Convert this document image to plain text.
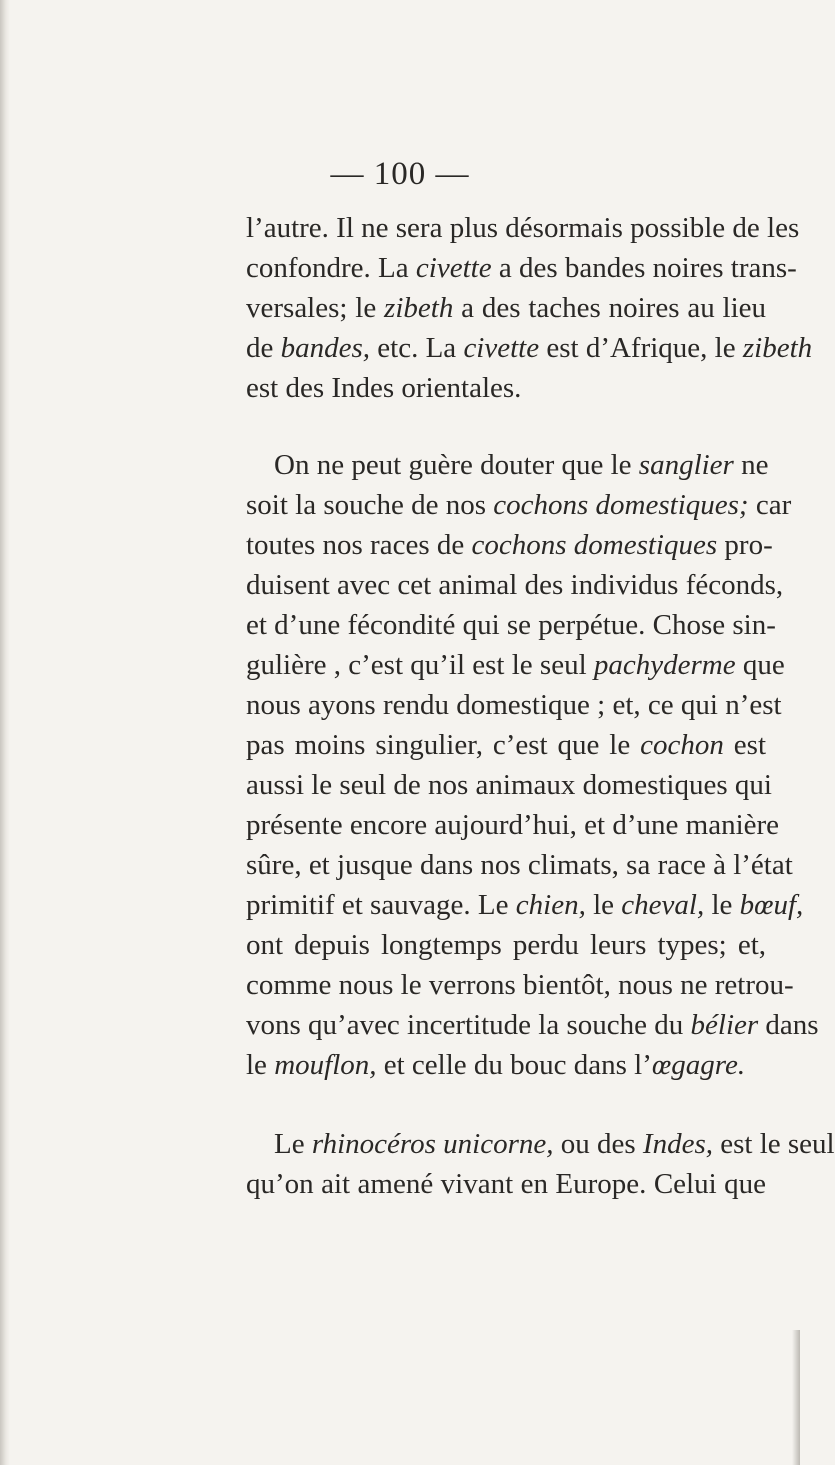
— 100 —

l’autre. Il ne sera plus désormais possible de les
confondre. La civette a des bandes noires trans-
versales; le zibeth a des taches noires au lieu
de bandes, etc. La civette est d’Afrique, le zibeth
est des Indes orientales.

On ne peut guère douter que le sanglier ne
soit la souche de nos cochons domestiques; car
toutes nos races de cochons domestiques pro-
duisent avec cet animal des individus féconds,
et d’une fécondité qui se perpétue. Chose sin-
gulière , c’est qu’il est le seul pachyderme que
nous ayons rendu domestique ; et, ce qui n’est
pas moins singulier, c’est que le cochon est
aussi le seul de nos animaux domestiques qui
présente encore aujourd’hui, et d’une manière
sûre, et jusque dans nos climats, sa race à l’état
primitif et sauvage. Le chien, le cheval, le bœuf,
ont depuis longtemps perdu leurs types; et,
comme nous le verrons bientôt, nous ne retrou-
vons qu’avec incertitude la souche du bélier dans
le mouflon, et celle du bouc dans l’œgagre.

Le rhinocéros unicorne, ou des Indes, est le seul
qu’on ait amené vivant en Europe. Celui que
